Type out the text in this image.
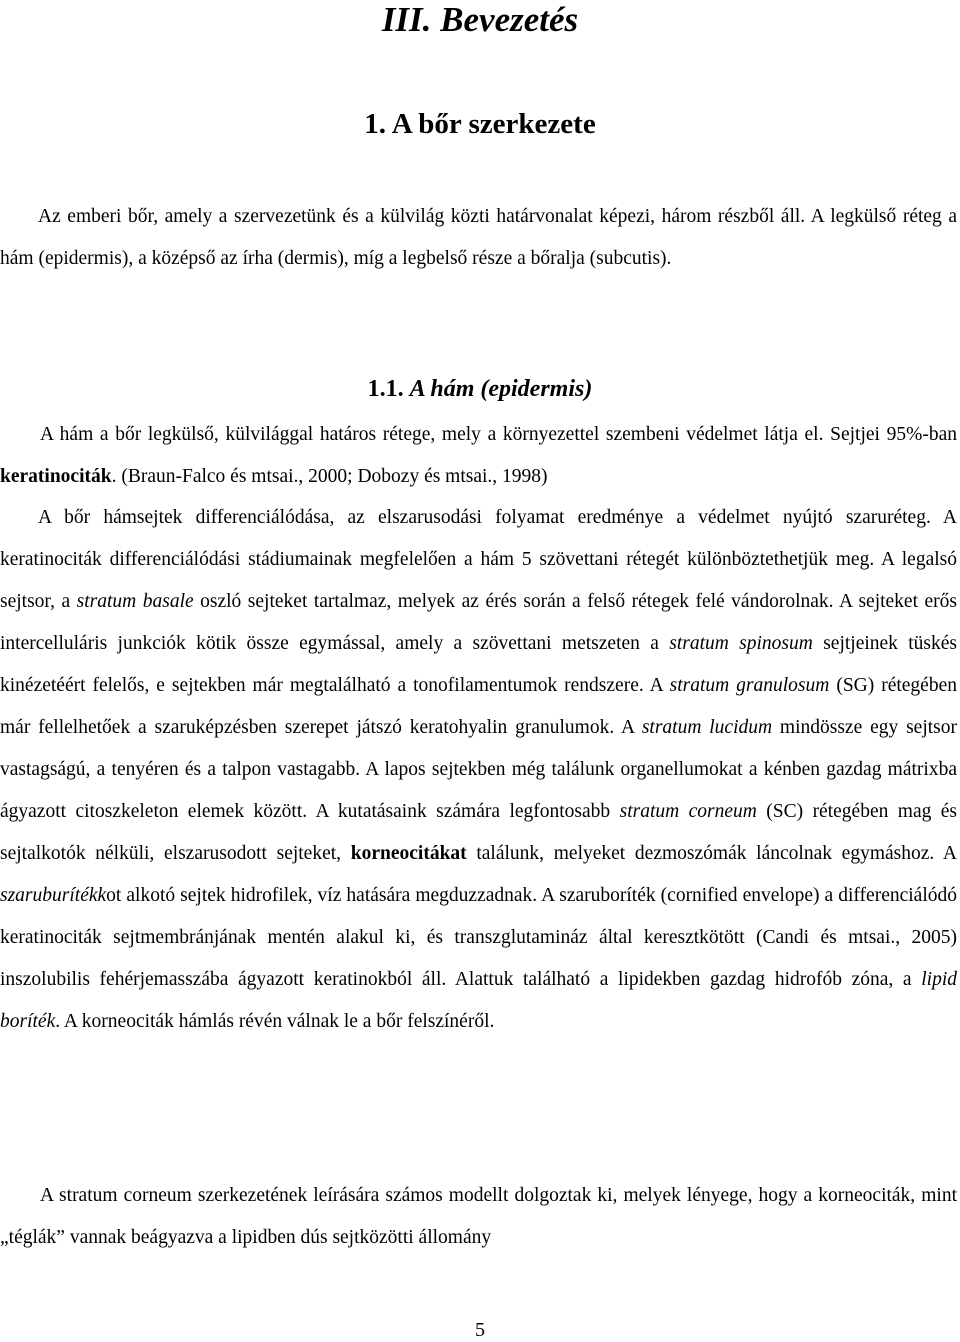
III. Bevezetés
1. A bőr szerkezete

Az emberi bőr, amely a szervezetünk és a külvilág közti határvonalat képezi, három részből áll. A legkülső réteg a hám (epidermis), a középső az írha (dermis), míg a legbelső része a bőralja (subcutis).

1.1. A hám (epidermis)

A hám a bőr legkülső, külvilággal határos rétege, mely a környezettel szembeni védelmet látja el. Sejtjei 95%-ban keratinociták. (Braun-Falco és mtsai., 2000; Dobozy és mtsai., 1998)

A bőr hámsejtek differenciálódása, az elszarusodási folyamat eredménye a védelmet nyújtó szaruréteg. A keratinociták differenciálódási stádiumainak megfelelően a hám 5 szövettani rétegét különböztethetjük meg. A legalsó sejtsor, a stratum basale oszló sejteket tartalmaz, melyek az érés során a felső rétegek felé vándorolnak. A sejteket erős intercelluláris junkciók kötik össze egymással, amely a szövettani metszeten a stratum spinosum sejtjeinek tüskés kinézetéért felelős, e sejtekben már megtalálható a tonofilamentumok rendszere. A stratum granulosum (SG) rétegében már fellelhetőek a szaruképzésben szerepet játszó keratohyalin granulumok. A stratum lucidum mindössze egy sejtsor vastagságú, a tenyéren és a talpon vastagabb. A lapos sejtekben még találunk organellumokat a kénben gazdag mátrixba ágyazott citoszkeleton elemek között. A kutatásaink számára legfontosabb stratum corneum (SC) rétegében mag és sejtalkotók nélküli, elszarusodott sejteket, korneocitákat találunk, melyeket dezmoszómák láncolnak egymáshoz. A szaruburítékkot alkotó sejtek hidrofilek, víz hatására megduzzadnak. A szaruboríték (cornified envelope) a differenciálódó keratinociták sejtmembránjának mentén alakul ki, és transzglutamináz által keresztkötött (Candi és mtsai., 2005) inszolubilis fehérjemasszába ágyazott keratinokból áll. Alattuk található a lipidekben gazdag hidrofób zóna, a lipid boríték. A korneociták hámlás révén válnak le a bőr felszínéről.

A stratum corneum szerkezetének leírására számos modellt dolgoztak ki, melyek lényege, hogy a korneociták, mint „téglák” vannak beágyazva a lipidben dús sejtközötti állomány

5
